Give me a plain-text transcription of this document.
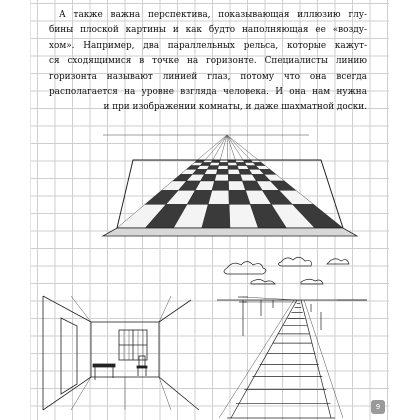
А также важна перспектива, показывающая иллюзию глу-
бины плоской картины и как будто наполняющая ее «возду-
хом». Например, два параллельных рельса, которые кажут-
ся сходящимися в точке на горизонте. Специалисты линию
горизонта называют линией глаз, потому что она всегда
располагается на уровне взгляда человека. И она нам нужна
и при изображении комнаты, и даже шахматной доски.
9
